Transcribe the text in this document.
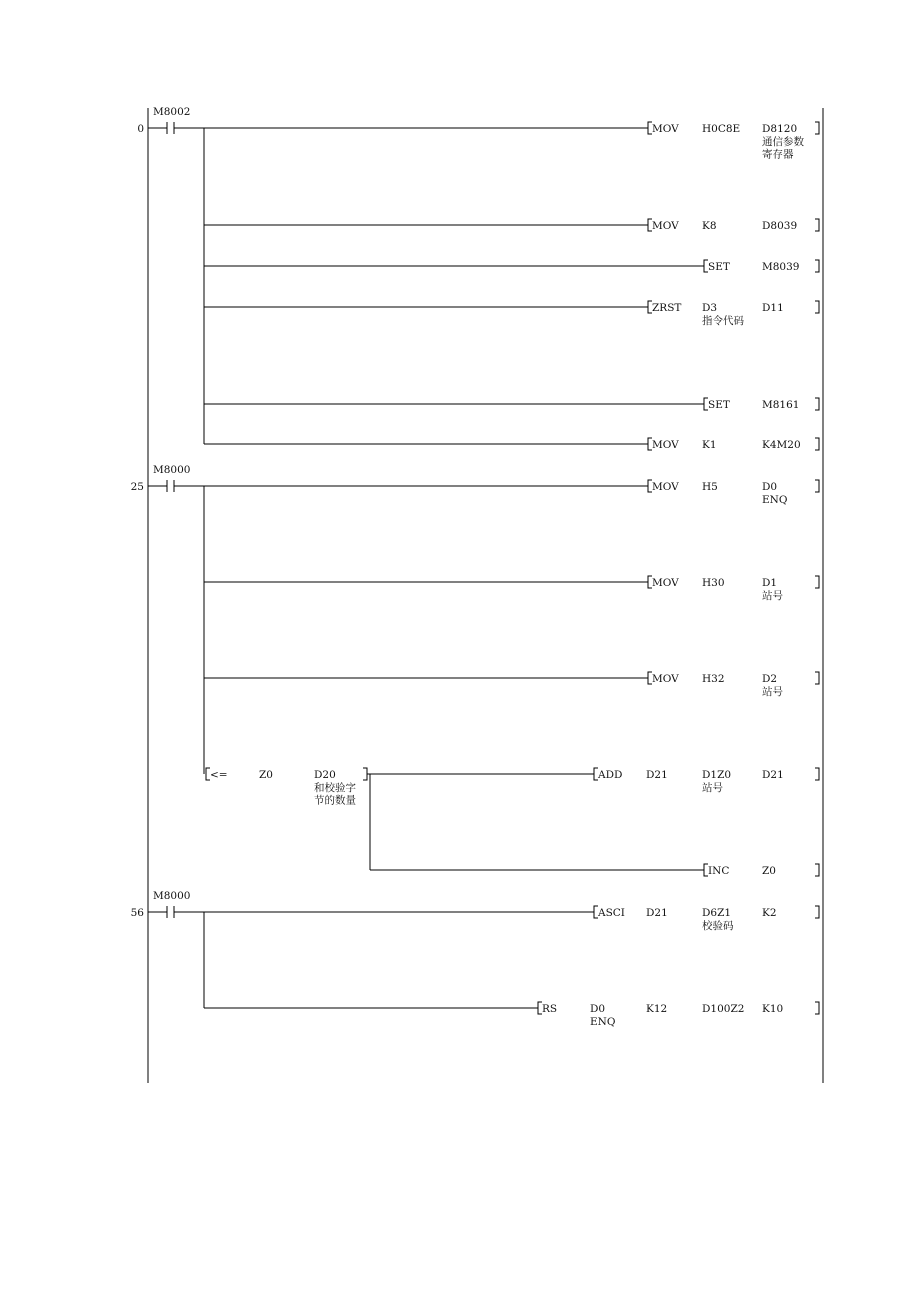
0
M8002
MOV H0C8E D8120
通信参数
寄存器
MOV K8	D8039
SET	M8039
ZRST D3
指令代码
D11
SET	M8161
MOV K1	K4M20
25
M8000
MOV H5	D0
ENQ
MOV H30	D1
站号
MOV H32	D2
站号
<=	Z0	D20
和校验字
节的数量
ADD D21	D1Z0
站号
D21
INC	Z0
56
M8000
ASCI D21	D6Z1
校验码
K2
RS	D0
ENQ
K12	D100Z2 K10
